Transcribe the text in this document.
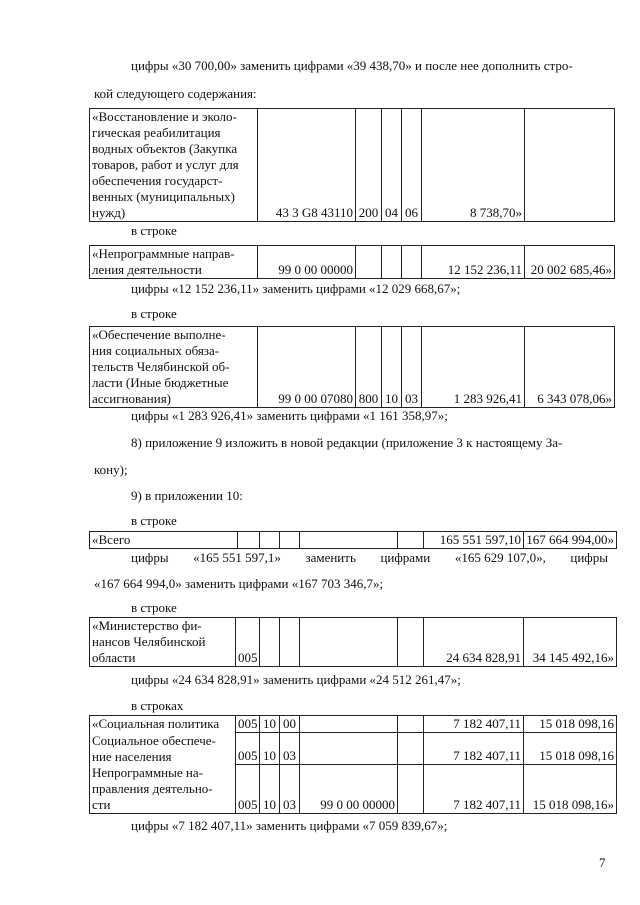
цифры «30 700,00» заменить цифрами «39 438,70» и после нее дополнить стро-
кой следующего содержания:
«Восстановление и эколо-
гическая реабилитация
водных объектов (Закупка
товаров, работ и услуг для
обеспечения государст-
венных (муниципальных)
нужд)	43 3 G8 43110	200	04	06	8 738,70»	
в строке
«Непрограммные направ-
ления деятельности	99 0 00 00000				12 152 236,11	20 002 685,46»
цифры «12 152 236,11» заменить цифрами «12 029 668,67»;
в строке
«Обеспечение выполне-
ния социальных обяза-
тельств Челябинской об-
ласти (Иные бюджетные
ассигнования)	99 0 00 07080	800	10	03	1 283 926,41	6 343 078,06»
цифры «1 283 926,41» заменить цифрами «1 161 358,97»;
8) приложение 9 изложить в новой редакции (приложение 3 к настоящему За-
кону);
9) в приложении 10:
в строке
«Всего						165 551 597,10	167 664 994,00»
цифры «165 551 597,1» заменить цифрами «165 629 107,0», цифры
«167 664 994,0» заменить цифрами «167 703 346,7»;
в строке
«Министерство фи-
нансов Челябинской
области	005					24 634 828,91	34 145 492,16»
цифры «24 634 828,91» заменить цифрами «24 512 261,47»;
в строках
«Социальная политика	005	10	00			7 182 407,11	15 018 098,16

Социальное обеспече-
ние населения	005	10	03			7 182 407,11	15 018 098,16

Непрограммные на-
правления деятельно-
сти	005	10	03	99 0 00 00000		7 182 407,11	15 018 098,16»
цифры «7 182 407,11» заменить цифрами «7 059 839,67»;
7
